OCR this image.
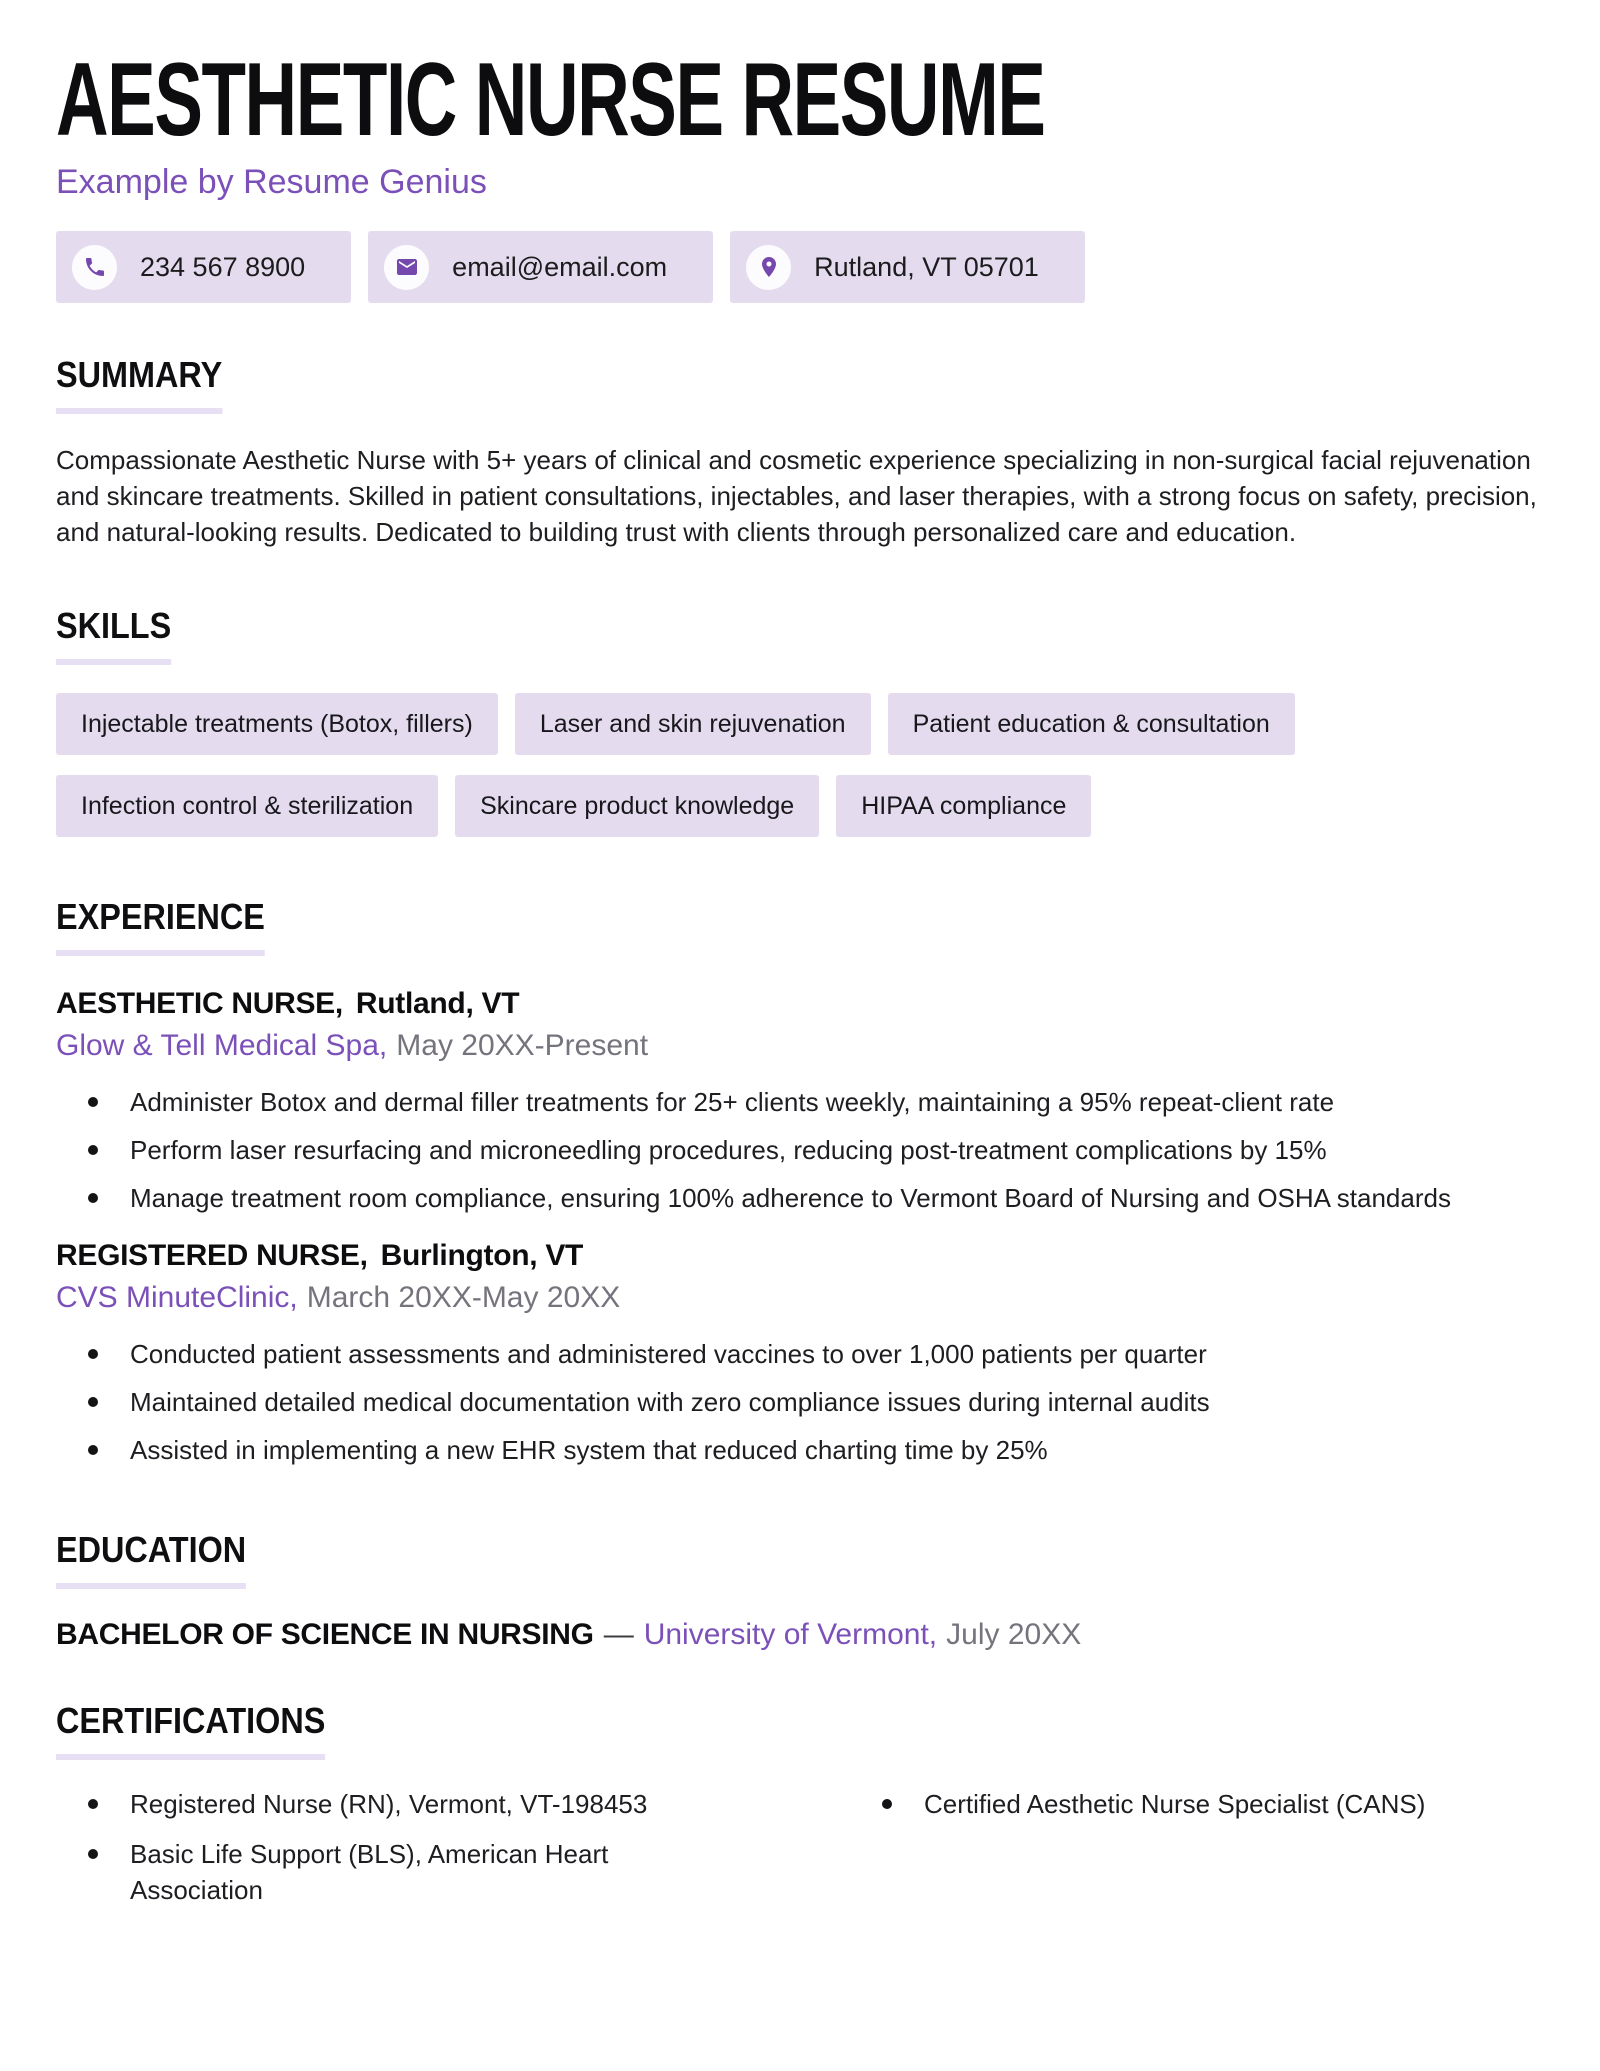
AESTHETIC NURSE RESUME
Example by Resume Genius
234 567 8900	email@email.com	Rutland, VT 05701
SUMMARY

Compassionate Aesthetic Nurse with 5+ years of clinical and cosmetic experience specializing in non-surgical facial rejuvenation and skincare treatments. Skilled in patient consultations, injectables, and laser therapies, with a strong focus on safety, precision, and natural-looking results. Dedicated to building trust with clients through personalized care and education.

SKILLS
Injectable treatments (Botox, fillers)	Laser and skin rejuvenation	Patient education & consultation
Infection control & sterilization	Skincare product knowledge	HIPAA compliance
EXPERIENCE
AESTHETIC NURSE, Rutland, VT
Glow & Tell Medical Spa, May 20XX-Present
Administer Botox and dermal filler treatments for 25+ clients weekly, maintaining a 95% repeat-client rate
Perform laser resurfacing and microneedling procedures, reducing post-treatment complications by 15%
Manage treatment room compliance, ensuring 100% adherence to Vermont Board of Nursing and OSHA standards
REGISTERED NURSE, Burlington, VT
CVS MinuteClinic, March 20XX-May 20XX
Conducted patient assessments and administered vaccines to over 1,000 patients per quarter
Maintained detailed medical documentation with zero compliance issues during internal audits
Assisted in implementing a new EHR system that reduced charting time by 25%
EDUCATION
BACHELOR OF SCIENCE IN NURSING — University of Vermont, July 20XX
CERTIFICATIONS
Registered Nurse (RN), Vermont, VT-198453
Basic Life Support (BLS), American Heart Association
Certified Aesthetic Nurse Specialist (CANS)
